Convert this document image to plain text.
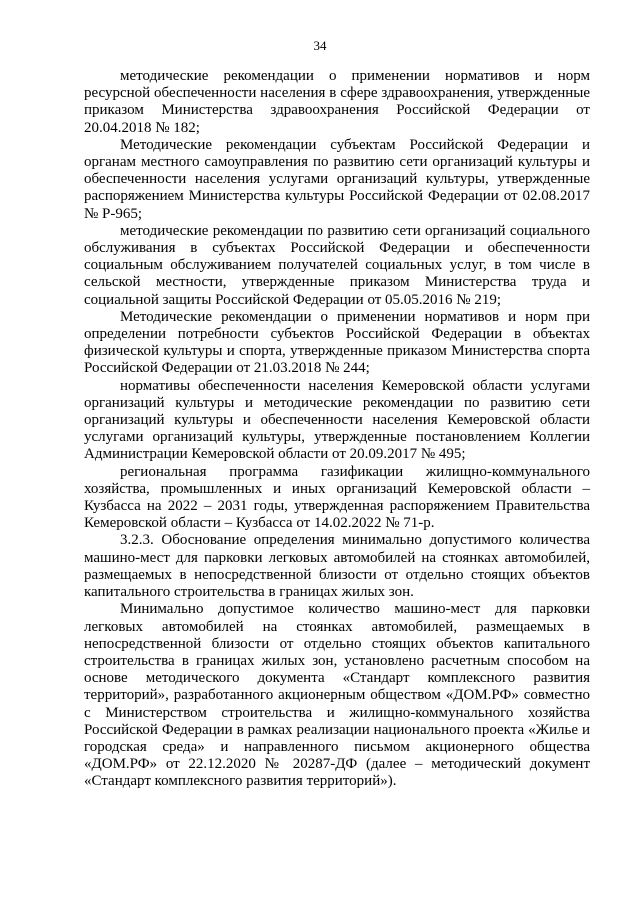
34

методические рекомендации о применении нормативов и норм ресурсной обеспеченности населения в сфере здравоохранения, утвержденные приказом Министерства здравоохранения Российской Федерации от 20.04.2018 № 182;

Методические рекомендации субъектам Российской Федерации и органам местного самоуправления по развитию сети организаций культуры и обеспеченности населения услугами организаций культуры, утвержденные распоряжением Министерства культуры Российской Федерации от 02.08.2017 № Р-965;

методические рекомендации по развитию сети организаций социального обслуживания в субъектах Российской Федерации и обеспеченности социальным обслуживанием получателей социальных услуг, в том числе в сельской местности, утвержденные приказом Министерства труда и социальной защиты Российской Федерации от 05.05.2016 № 219;

Методические рекомендации о применении нормативов и норм при определении потребности субъектов Российской Федерации в объектах физической культуры и спорта, утвержденные приказом Министерства спорта Российской Федерации от 21.03.2018 № 244;

нормативы обеспеченности населения Кемеровской области услугами организаций культуры и методические рекомендации по развитию сети организаций культуры и обеспеченности населения Кемеровской области услугами организаций культуры, утвержденные постановлением Коллегии Администрации Кемеровской области от 20.09.2017 № 495;

региональная программа газификации жилищно-коммунального хозяйства, промышленных и иных организаций Кемеровской области – Кузбасса на 2022 – 2031 годы, утвержденная распоряжением Правительства Кемеровской области – Кузбасса от 14.02.2022 № 71-р.

3.2.3. Обоснование определения минимально допустимого количества машино-мест для парковки легковых автомобилей на стоянках автомобилей, размещаемых в непосредственной близости от отдельно стоящих объектов капитального строительства в границах жилых зон.

Минимально допустимое количество машино-мест для парковки легковых автомобилей на стоянках автомобилей, размещаемых в непосредственной близости от отдельно стоящих объектов капитального строительства в границах жилых зон, установлено расчетным способом на основе методического документа «Стандарт комплексного развития территорий», разработанного акционерным обществом «ДОМ.РФ» совместно с Министерством строительства и жилищно-коммунального хозяйства Российской Федерации в рамках реализации национального проекта «Жилье и городская среда» и направленного письмом акционерного общества «ДОМ.РФ» от 22.12.2020 № 20287-ДФ (далее – методический документ «Стандарт комплексного развития территорий»).
